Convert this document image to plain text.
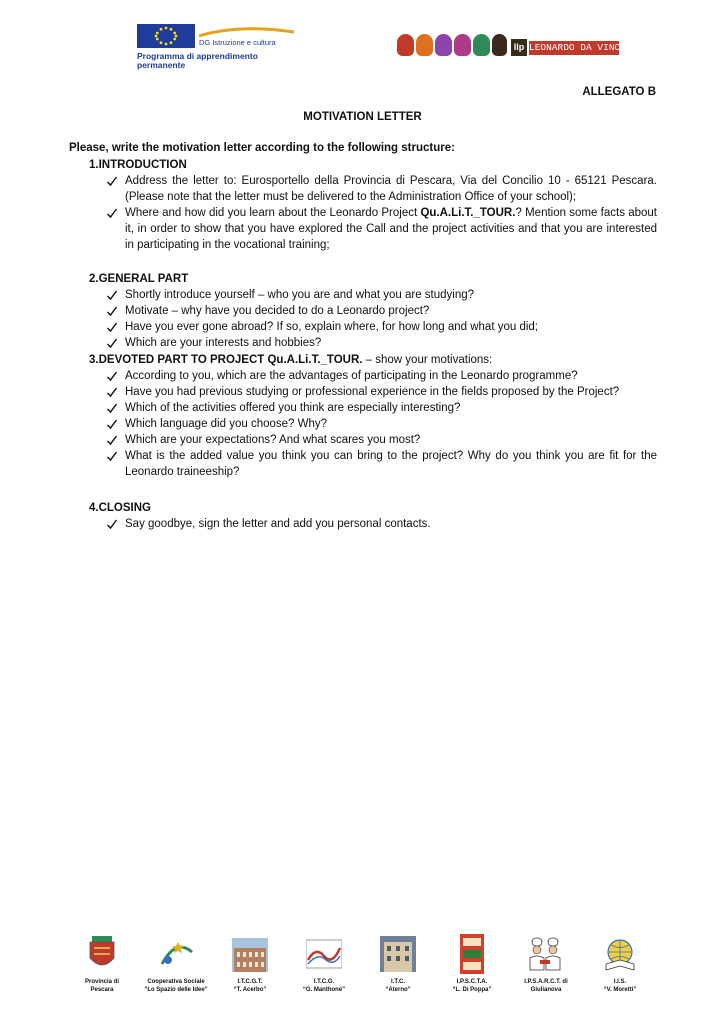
DG Istruzione e cultura
Programma di apprendimento permanente
llp LEONARDO DA VINCI
ALLEGATO B
MOTIVATION LETTER
Please, write the motivation letter according to the following structure:
1.INTRODUCTION
Address the letter to: Eurosportello della Provincia di Pescara, Via del Concilio 10 - 65121 Pescara. (Please note that the letter must be delivered to the Administration Office of your school);
Where and how did you learn about the Leonardo Project Qu.A.Li.T._TOUR.? Mention some facts about it, in order to show that you have explored the Call and the project activities and that you are interested in participating in the vocational training;
2.GENERAL PART
Shortly introduce yourself – who you are and what you are studying?
Motivate – why have you decided to do a Leonardo project?
Have you ever gone abroad? If so, explain where, for how long and what you did;
Which are your interests and hobbies?
3.DEVOTED PART TO PROJECT Qu.A.Li.T._TOUR. – show your motivations:
According to you, which are the advantages of participating in the Leonardo programme?
Have you had previous studying or professional experience in the fields proposed by the Project?
Which of the activities offered you think are especially interesting?
Which language did you choose? Why?
Which are your expectations? And what scares you most?
What is the added value you think you can bring to the project? Why do you think you are fit for the Leonardo traineeship?
4.CLOSING
Say goodbye, sign the letter and add you personal contacts.
Provincia di
Pescara
Cooperativa Sociale
“Lo Spazio delle Idee”
I.T.C.G.T.
“T. Acerbo”
I.T.C.G.
“G. Manthoné”
I.T.C.
“Aterno”
I.P.S.C.T.A.
“L. Di Poppa”
I.P.S.A.R.C.T. di
Giulianova
I.I.S.
“V. Moretti”
